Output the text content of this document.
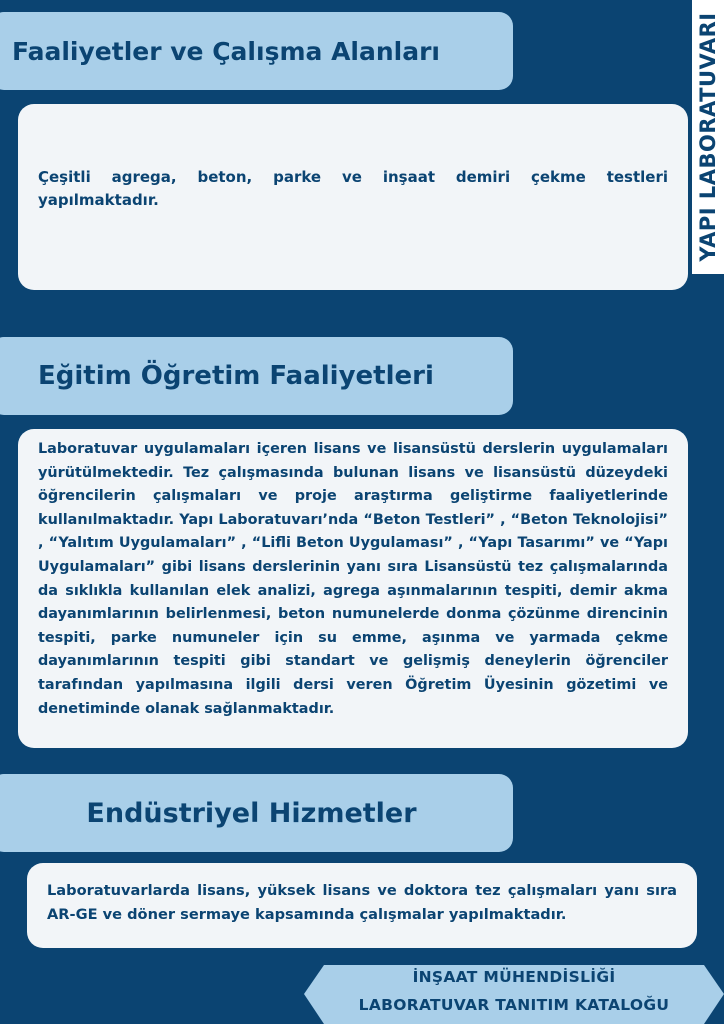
YAPI LABORATUVARI
Faaliyetler ve Çalışma Alanları
Çeşitli agrega, beton, parke ve inşaat demiri çekme testleri yapılmaktadır.
Eğitim Öğretim Faaliyetleri
Laboratuvar uygulamaları içeren lisans ve lisansüstü derslerin uygulamaları yürütülmektedir. Tez çalışmasında bulunan lisans ve lisansüstü düzeydeki öğrencilerin çalışmaları ve proje araştırma geliştirme faaliyetlerinde kullanılmaktadır. Yapı Laboratuvarı’nda “Beton Testleri” , “Beton Teknolojisi” , “Yalıtım Uygulamaları” , “Lifli Beton Uygulaması” , “Yapı Tasarımı” ve “Yapı Uygulamaları” gibi lisans derslerinin yanı sıra Lisansüstü tez çalışmalarında da sıklıkla kullanılan elek analizi, agrega aşınmalarının tespiti, demir akma dayanımlarının belirlenmesi, beton numunelerde donma çözünme direncinin tespiti, parke numuneler için su emme, aşınma ve yarmada çekme dayanımlarının tespiti gibi standart ve gelişmiş deneylerin öğrenciler tarafından yapılmasına ilgili dersi veren Öğretim Üyesinin gözetimi ve denetiminde olanak sağlanmaktadır.
Endüstriyel Hizmetler
Laboratuvarlarda lisans, yüksek lisans ve doktora tez çalışmaları yanı sıra AR-GE ve döner sermaye kapsamında çalışmalar yapılmaktadır.
İNŞAAT MÜHENDİSLİĞİ
LABORATUVAR TANITIM KATALOĞU
